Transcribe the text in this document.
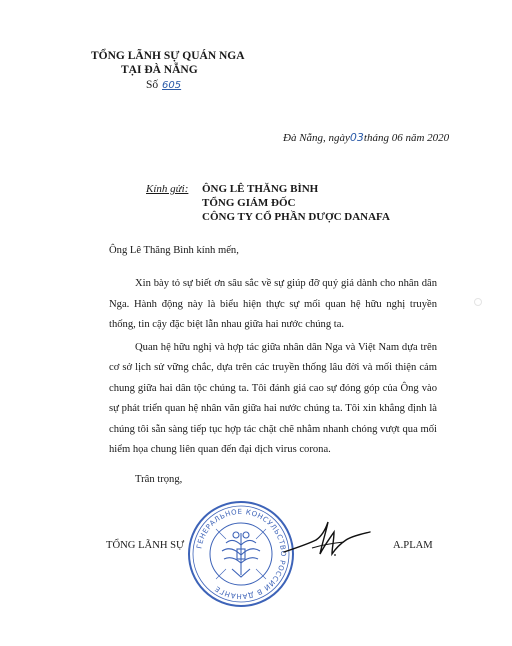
TỔNG LÃNH SỰ QUÁN NGA
TẠI ĐÀ NẴNG
Số 605
Đà Nẵng, ngày03tháng 06 năm 2020
Kính gửi: ÔNG LÊ THĂNG BÌNH
TỔNG GIÁM ĐỐC
CÔNG TY CỔ PHẦN DƯỢC DANAFA
Ông Lê Thăng Bình kính mến,

Xin bày tỏ sự biết ơn sâu sắc về sự giúp đỡ quý giá dành cho nhân dân Nga. Hành động này là biểu hiện thực sự mối quan hệ hữu nghị truyền thống, tin cậy đặc biệt lẫn nhau giữa hai nước chúng ta.

Quan hệ hữu nghị và hợp tác giữa nhân dân Nga và Việt Nam dựa trên cơ sở lịch sử vững chắc, dựa trên các truyền thống lâu đời và mối thiện cảm chung giữa hai dân tộc chúng ta. Tôi đánh giá cao sự đóng góp của Ông vào sự phát triển quan hệ nhân văn giữa hai nước chúng ta. Tôi xin khẳng định là chúng tôi sẵn sàng tiếp tục hợp tác chặt chẽ nhằm nhanh chóng vượt qua mối hiểm họa chung liên quan đến đại dịch virus corona.

Trân trọng,
TỔNG LÃNH SỰ	A.PLAM
ГЕНЕРАЛЬНОЕ КОНСУЛЬСТВО РОССИИ В ДАНАНГЕ
